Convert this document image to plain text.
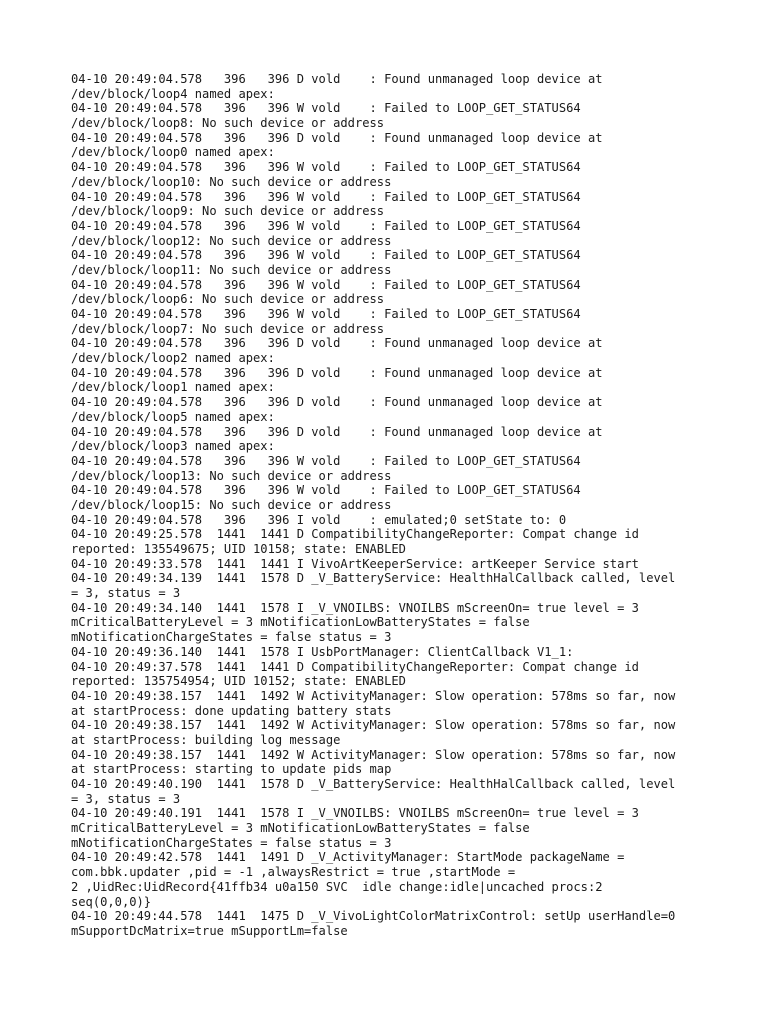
04-10 20:49:04.578   396   396 D vold    : Found unmanaged loop device at
/dev/block/loop4 named apex:
04-10 20:49:04.578   396   396 W vold    : Failed to LOOP_GET_STATUS64
/dev/block/loop8: No such device or address
04-10 20:49:04.578   396   396 D vold    : Found unmanaged loop device at
/dev/block/loop0 named apex:
04-10 20:49:04.578   396   396 W vold    : Failed to LOOP_GET_STATUS64
/dev/block/loop10: No such device or address
04-10 20:49:04.578   396   396 W vold    : Failed to LOOP_GET_STATUS64
/dev/block/loop9: No such device or address
04-10 20:49:04.578   396   396 W vold    : Failed to LOOP_GET_STATUS64
/dev/block/loop12: No such device or address
04-10 20:49:04.578   396   396 W vold    : Failed to LOOP_GET_STATUS64
/dev/block/loop11: No such device or address
04-10 20:49:04.578   396   396 W vold    : Failed to LOOP_GET_STATUS64
/dev/block/loop6: No such device or address
04-10 20:49:04.578   396   396 W vold    : Failed to LOOP_GET_STATUS64
/dev/block/loop7: No such device or address
04-10 20:49:04.578   396   396 D vold    : Found unmanaged loop device at
/dev/block/loop2 named apex:
04-10 20:49:04.578   396   396 D vold    : Found unmanaged loop device at
/dev/block/loop1 named apex:
04-10 20:49:04.578   396   396 D vold    : Found unmanaged loop device at
/dev/block/loop5 named apex:
04-10 20:49:04.578   396   396 D vold    : Found unmanaged loop device at
/dev/block/loop3 named apex:
04-10 20:49:04.578   396   396 W vold    : Failed to LOOP_GET_STATUS64
/dev/block/loop13: No such device or address
04-10 20:49:04.578   396   396 W vold    : Failed to LOOP_GET_STATUS64
/dev/block/loop15: No such device or address
04-10 20:49:04.578   396   396 I vold    : emulated;0 setState to: 0
04-10 20:49:25.578  1441  1441 D CompatibilityChangeReporter: Compat change id
reported: 135549675; UID 10158; state: ENABLED
04-10 20:49:33.578  1441  1441 I VivoArtKeeperService: artKeeper Service start
04-10 20:49:34.139  1441  1578 D _V_BatteryService: HealthHalCallback called, level
= 3, status = 3
04-10 20:49:34.140  1441  1578 I _V_VNOILBS: VNOILBS mScreenOn= true level = 3
mCriticalBatteryLevel = 3 mNotificationLowBatteryStates = false
mNotificationChargeStates = false status = 3
04-10 20:49:36.140  1441  1578 I UsbPortManager: ClientCallback V1_1:
04-10 20:49:37.578  1441  1441 D CompatibilityChangeReporter: Compat change id
reported: 135754954; UID 10152; state: ENABLED
04-10 20:49:38.157  1441  1492 W ActivityManager: Slow operation: 578ms so far, now
at startProcess: done updating battery stats
04-10 20:49:38.157  1441  1492 W ActivityManager: Slow operation: 578ms so far, now
at startProcess: building log message
04-10 20:49:38.157  1441  1492 W ActivityManager: Slow operation: 578ms so far, now
at startProcess: starting to update pids map
04-10 20:49:40.190  1441  1578 D _V_BatteryService: HealthHalCallback called, level
= 3, status = 3
04-10 20:49:40.191  1441  1578 I _V_VNOILBS: VNOILBS mScreenOn= true level = 3
mCriticalBatteryLevel = 3 mNotificationLowBatteryStates = false
mNotificationChargeStates = false status = 3
04-10 20:49:42.578  1441  1491 D _V_ActivityManager: StartMode packageName =
com.bbk.updater ,pid = -1 ,alwaysRestrict = true ,startMode =
2 ,UidRec:UidRecord{41ffb34 u0a150 SVC  idle change:idle|uncached procs:2
seq(0,0,0)}
04-10 20:49:44.578  1441  1475 D _V_VivoLightColorMatrixControl: setUp userHandle=0
mSupportDcMatrix=true mSupportLm=false
